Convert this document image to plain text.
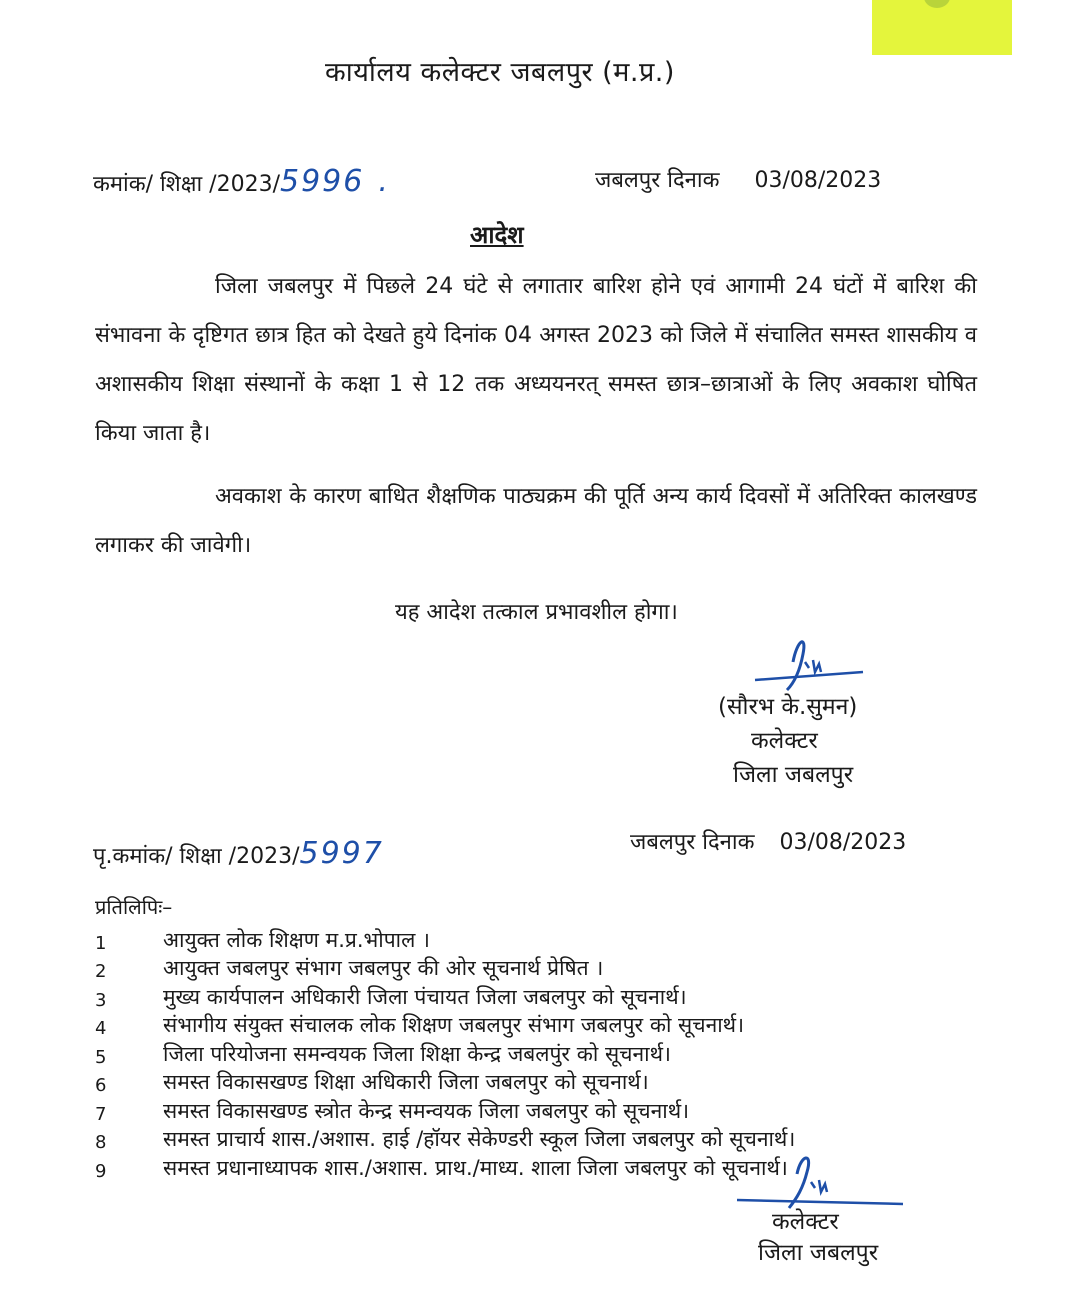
कार्यालय कलेक्टर जबलपुर (म.प्र.)
कमांक/ शिक्षा /2023/5996 .	जबलपुर दिनाक 03/08/2023
आदेश
जिला जबलपुर में पिछले 24 घंटे से लगातार बारिश होने एवं आगामी 24 घंटों में बारिश की संभावना के दृष्टिगत छात्र हित को देखते हुये दिनांक 04 अगस्त 2023 को जिले में संचालित समस्त शासकीय व अशासकीय शिक्षा संस्थानों के कक्षा 1 से 12 तक अध्ययनरत् समस्त छात्र–छात्राओं के लिए अवकाश घोषित किया जाता है।
अवकाश के कारण बाधित शैक्षणिक पाठ्यक्रम की पूर्ति अन्य कार्य दिवसों में अतिरिक्त कालखण्ड लगाकर की जावेगी।
यह आदेश तत्काल प्रभावशील होगा।
(सौरभ के.सुमन)
कलेक्टर
जिला जबलपुर
पृ.कमांक/ शिक्षा /2023/5997	जबलपुर दिनाक 03/08/2023
प्रतिलिपिः–
1	आयुक्त लोक शिक्षण म.प्र.भोपाल ।
2	आयुक्त जबलपुर संभाग जबलपुर की ओर सूचनार्थ प्रेषित ।
3	मुख्य कार्यपालन अधिकारी जिला पंचायत जिला जबलपुर को सूचनार्थ।
4	संभागीय संयुक्त संचालक लोक शिक्षण जबलपुर संभाग जबलपुर को सूचनार्थ।
5	जिला परियोजना समन्वयक जिला शिक्षा केन्द्र जबलपुंर को सूचनार्थ।
6	समस्त विकासखण्ड शिक्षा अधिकारी जिला जबलपुर को सूचनार्थ।
7	समस्त विकासखण्ड स्त्रोत केन्द्र समन्वयक जिला जबलपुर को सूचनार्थ।
8	समस्त प्राचार्य शास./अशास. हाई /हॉयर सेकेण्डरी स्कूल जिला जबलपुर को सूचनार्थ।
9	समस्त प्रधानाध्यापक शास./अशास. प्राथ./माध्य. शाला जिला जबलपुर को सूचनार्थ।
कलेक्टर
जिला जबलपुर
